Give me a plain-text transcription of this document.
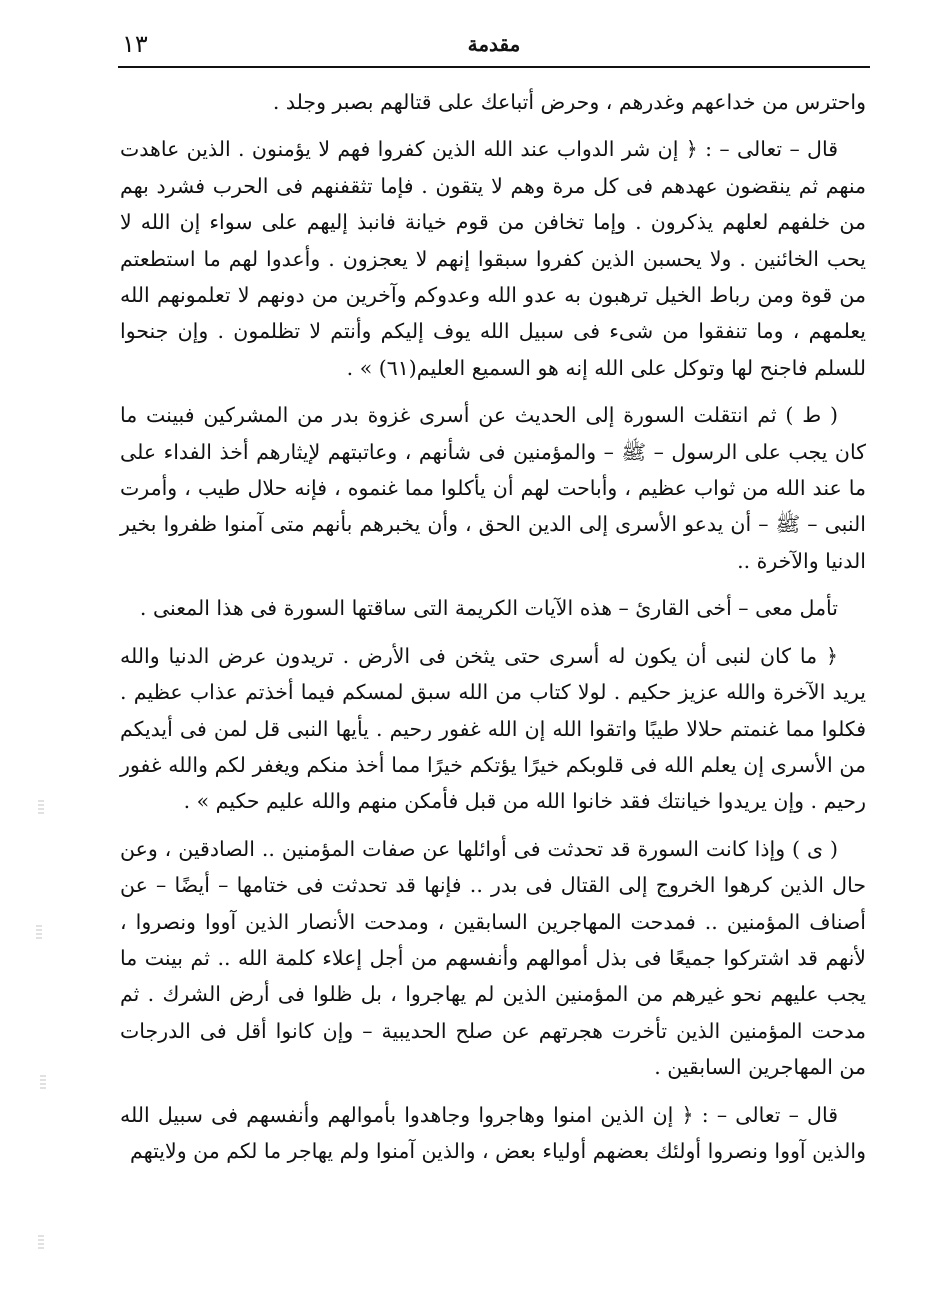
١٣	مقدمة

واحترس من خداعهم وغدرهم ، وحرض أتباعك على قتالهم بصبر وجلد .

قال – تعالى – : ﴿ إن شر الدواب عند الله الذين كفروا فهم لا يؤمنون . الذين عاهدت منهم ثم ينقضون عهدهم فى كل مرة وهم لا يتقون . فإما تثقفنهم فى الحرب فشرد بهم من خلفهم لعلهم يذكرون . وإما تخافن من قوم خيانة فانبذ إليهم على سواء إن الله لا يحب الخائنين . ولا يحسبن الذين كفروا سبقوا إنهم لا يعجزون . وأعدوا لهم ما استطعتم من قوة ومن رباط الخيل ترهبون به عدو الله وعدوكم وآخرين من دونهم لا تعلمونهم الله يعلمهم ، وما تنفقوا من شىء فى سبيل الله يوف إليكم وأنتم لا تظلمون . وإن جنحوا للسلم فاجنح لها وتوكل على الله إنه هو السميع العليم(٦١) » .

( ط ) ثم انتقلت السورة إلى الحديث عن أسرى غزوة بدر من المشركين فبينت ما كان يجب على الرسول – ﷺ – والمؤمنين فى شأنهم ، وعاتبتهم لإيثارهم أخذ الفداء على ما عند الله من ثواب عظيم ، وأباحت لهم أن يأكلوا مما غنموه ، فإنه حلال طيب ، وأمرت النبى – ﷺ – أن يدعو الأسرى إلى الدين الحق ، وأن يخبرهم بأنهم متى آمنوا ظفروا بخير الدنيا والآخرة ..

تأمل معى – أخى القارئ – هذه الآيات الكريمة التى ساقتها السورة فى هذا المعنى .

﴿ ما كان لنبى أن يكون له أسرى حتى يثخن فى الأرض . تريدون عرض الدنيا والله يريد الآخرة والله عزيز حكيم . لولا كتاب من الله سبق لمسكم فيما أخذتم عذاب عظيم . فكلوا مما غنمتم حلالا طيبًا واتقوا الله إن الله غفور رحيم . يأيها النبى قل لمن فى أيديكم من الأسرى إن يعلم الله فى قلوبكم خيرًا يؤتكم خيرًا مما أخذ منكم ويغفر لكم والله غفور رحيم . وإن يريدوا خيانتك فقد خانوا الله من قبل فأمكن منهم والله عليم حكيم » .

( ى ) وإذا كانت السورة قد تحدثت فى أوائلها عن صفات المؤمنين .. الصادقين ، وعن حال الذين كرهوا الخروج إلى القتال فى بدر .. فإنها قد تحدثت فى ختامها – أيضًا – عن أصناف المؤمنين .. فمدحت المهاجرين السابقين ، ومدحت الأنصار الذين آووا ونصروا ، لأنهم قد اشتركوا جميعًا فى بذل أموالهم وأنفسهم من أجل إعلاء كلمة الله .. ثم بينت ما يجب عليهم نحو غيرهم من المؤمنين الذين لم يهاجروا ، بل ظلوا فى أرض الشرك . ثم مدحت المؤمنين الذين تأخرت هجرتهم عن صلح الحديبية – وإن كانوا أقل فى الدرجات من المهاجرين السابقين .

قال – تعالى – : ﴿ إن الذين امنوا وهاجروا وجاهدوا بأموالهم وأنفسهم فى سبيل الله والذين آووا ونصروا أولئك بعضهم أولياء بعض ، والذين آمنوا ولم يهاجر ما لكم من ولايتهم
